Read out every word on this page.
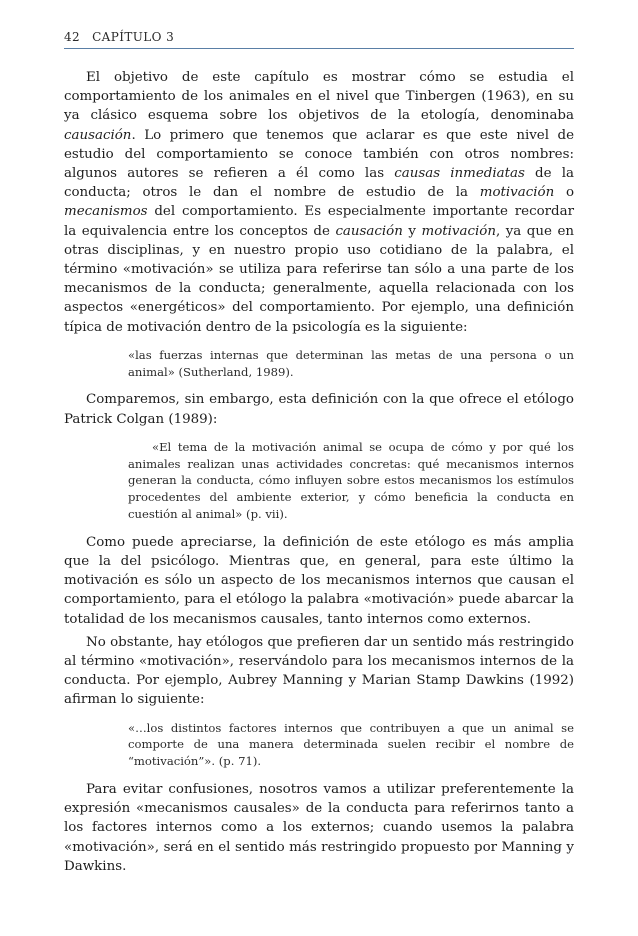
42 CAPÍTULO 3

El objetivo de este capítulo es mostrar cómo se estudia el comportamiento de los animales en el nivel que Tinbergen (1963), en su ya clásico esquema sobre los objetivos de la etología, denominaba causación. Lo primero que tenemos que aclarar es que este nivel de estudio del comportamiento se conoce también con otros nombres: algunos autores se refieren a él como las causas inmediatas de la conducta; otros le dan el nombre de estudio de la motivación o mecanismos del comportamiento. Es especialmente importante recordar la equivalencia entre los conceptos de causación y motivación, ya que en otras disciplinas, y en nuestro propio uso cotidiano de la palabra, el término «motivación» se utiliza para referirse tan sólo a una parte de los mecanismos de la conducta; generalmente, aquella relacionada con los aspectos «energéticos» del comportamiento. Por ejemplo, una definición típica de motivación dentro de la psicología es la siguiente:

«las fuerzas internas que determinan las metas de una persona o un animal» (Sutherland, 1989).

Comparemos, sin embargo, esta definición con la que ofrece el etólogo Patrick Colgan (1989):

«El tema de la motivación animal se ocupa de cómo y por qué los animales realizan unas actividades concretas: qué mecanismos internos generan la conducta, cómo influyen sobre estos mecanismos los estímulos procedentes del ambiente exterior, y cómo beneficia la conducta en cuestión al animal» (p. vii).

Como puede apreciarse, la definición de este etólogo es más amplia que la del psicólogo. Mientras que, en general, para este último la motivación es sólo un aspecto de los mecanismos internos que causan el comportamiento, para el etólogo la palabra «motivación» puede abarcar la totalidad de los mecanismos causales, tanto internos como externos.

No obstante, hay etólogos que prefieren dar un sentido más restringido al término «motivación», reservándolo para los mecanismos internos de la conducta. Por ejemplo, Aubrey Manning y Marian Stamp Dawkins (1992) afirman lo siguiente:

«…los distintos factores internos que contribuyen a que un animal se comporte de una manera determinada suelen recibir el nombre de “motivación”». (p. 71).

Para evitar confusiones, nosotros vamos a utilizar preferentemente la expresión «mecanismos causales» de la conducta para referirnos tanto a los factores internos como a los externos; cuando usemos la palabra «motivación», será en el sentido más restringido propuesto por Manning y Dawkins.
